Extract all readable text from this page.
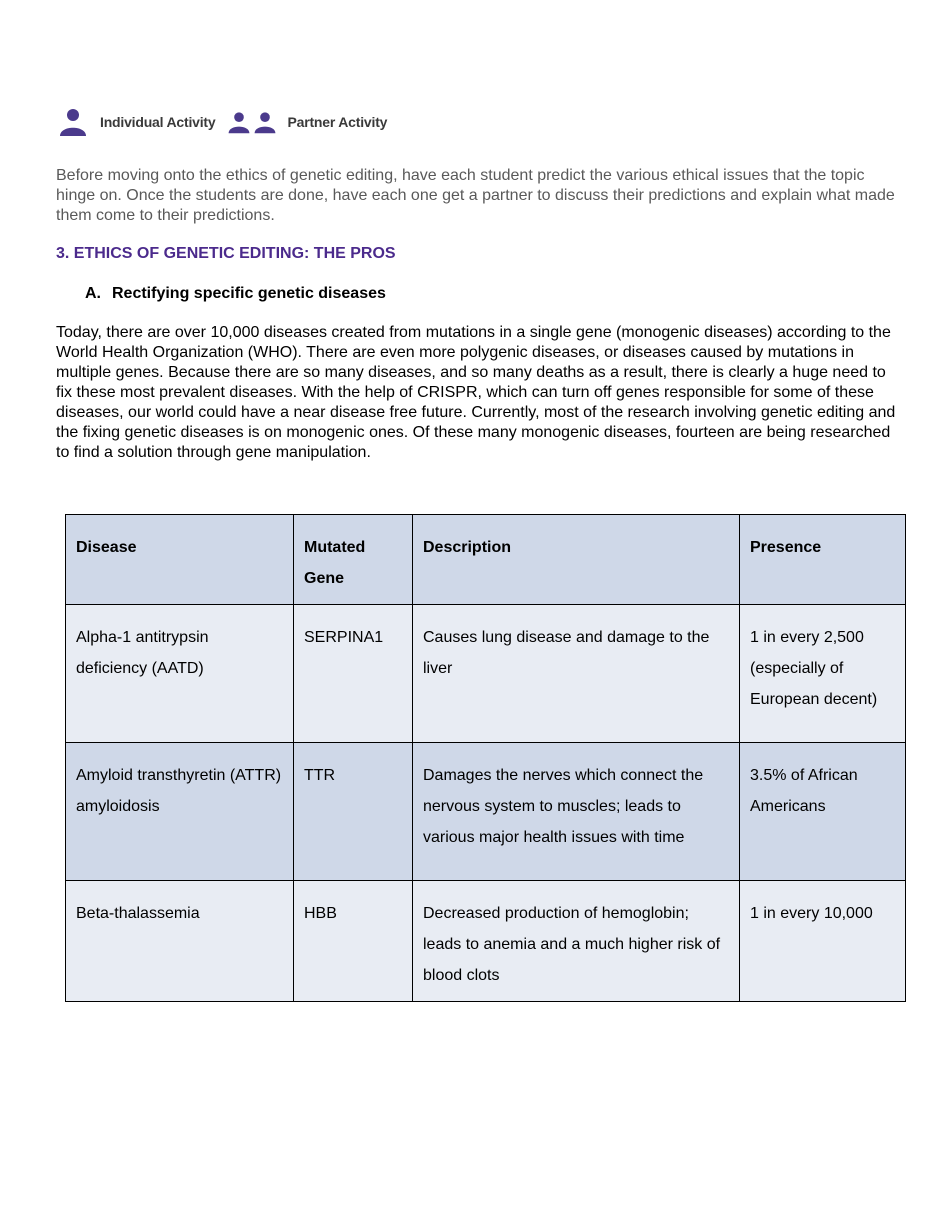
Individual Activity	Partner Activity

Before moving onto the ethics of genetic editing, have each student predict the various ethical issues that the topic hinge on. Once the students are done, have each one get a partner to discuss their predictions and explain what made them come to their predictions.

3. ETHICS OF GENETIC EDITING: THE PROS
A. Rectifying specific genetic diseases

Today, there are over 10,000 diseases created from mutations in a single gene (monogenic diseases) according to the World Health Organization (WHO). There are even more polygenic diseases, or diseases caused by mutations in multiple genes. Because there are so many diseases, and so many deaths as a result, there is clearly a huge need to fix these most prevalent diseases. With the help of CRISPR, which can turn off genes responsible for some of these diseases, our world could have a near disease free future. Currently, most of the research involving genetic editing and the fixing genetic diseases is on monogenic ones. Of these many monogenic diseases, fourteen are being researched to find a solution through gene manipulation.

Disease	Mutated Gene	Description	Presence
Alpha-1 antitrypsin deficiency (AATD)	SERPINA1	Causes lung disease and damage to the liver	1 in every 2,500 (especially of European decent)
Amyloid transthyretin (ATTR) amyloidosis	TTR	Damages the nerves which connect the nervous system to muscles; leads to various major health issues with time	3.5% of African Americans
Beta-thalassemia	HBB	Decreased production of hemoglobin; leads to anemia and a much higher risk of blood clots	1 in every 10,000
